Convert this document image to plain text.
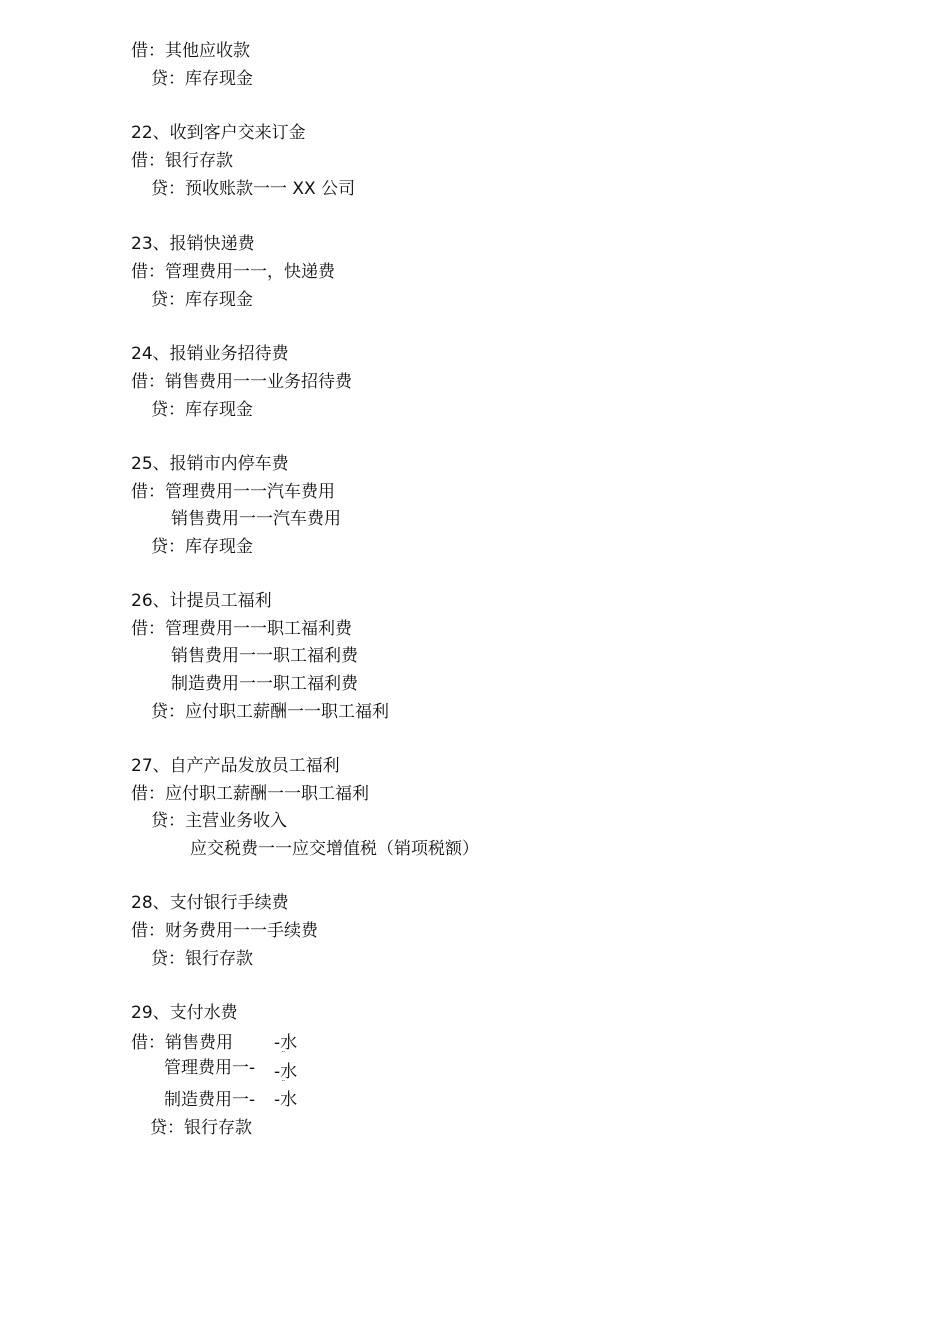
借：其他应收款
贷：库存现金
22、收到客户交来订金
借：银行存款
贷：预收账款一一 XX 公司
23、报销快递费
借：管理费用一一，快递费
贷：库存现金
24、报销业务招待费
借：销售费用一一业务招待费
贷：库存现金
25、报销市内停车费
借：管理费用一一汽车费用
销售费用一一汽车费用
贷：库存现金
26、计提员工福利
借：管理费用一一职工福利费
销售费用一一职工福利费
制造费用一一职工福利费
贷：应付职工薪酬一一职工福利
27、自产产品发放员工福利
借：应付职工薪酬一一职工福利
贷：主营业务收入
应交税费一一应交增值税（销项税额）
28、支付银行手续费
借：财务费用一一手续费
贷：银行存款
29、支付水费
借：销售费用 -水
¨
管理费用一- -水
¨
制造费用一- -水
贷：银行存款
